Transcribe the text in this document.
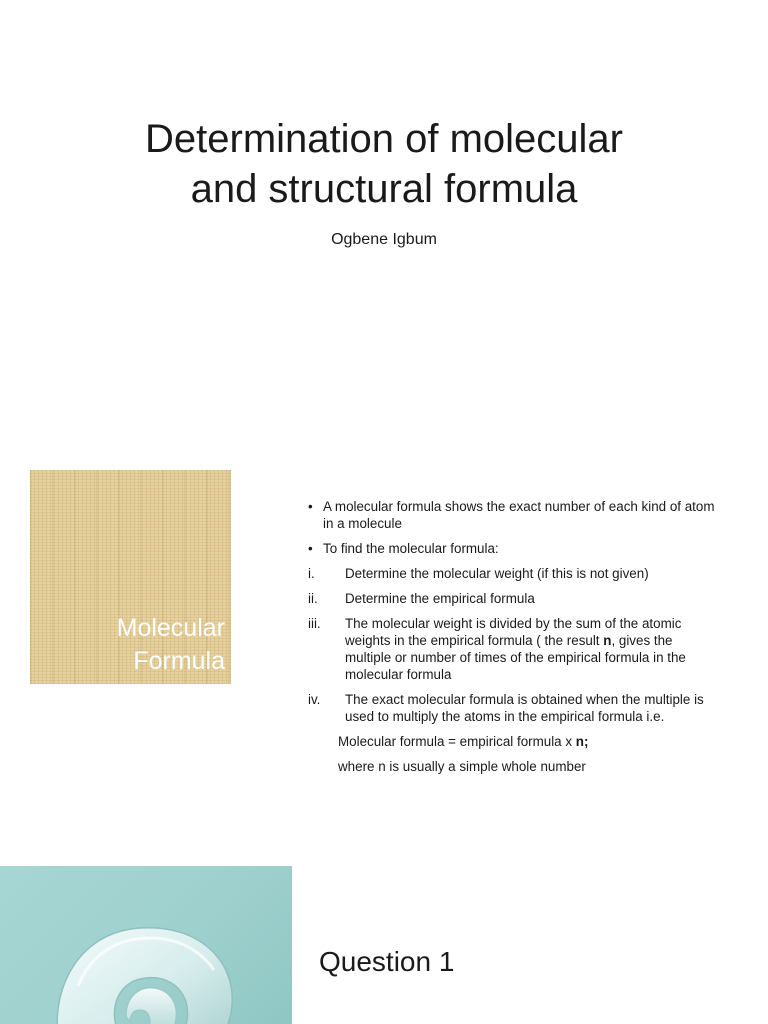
Determination of molecular
and structural formula
Ogbene Igbum
Molecular
Formula
• A molecular formula shows the exact number of each kind of atom in a molecule
• To find the molecular formula:
i. Determine the molecular weight (if this is not given)
ii. Determine the empirical formula
iii. The molecular weight is divided by the sum of the atomic weights in the empirical formula ( the result n, gives the multiple or number of times of the empirical formula in the molecular formula
iv. The exact molecular formula is obtained when the multiple is used to multiply the atoms in the empirical formula i.e.
Molecular formula = empirical formula x n;
where n is usually a simple whole number
Question 1
